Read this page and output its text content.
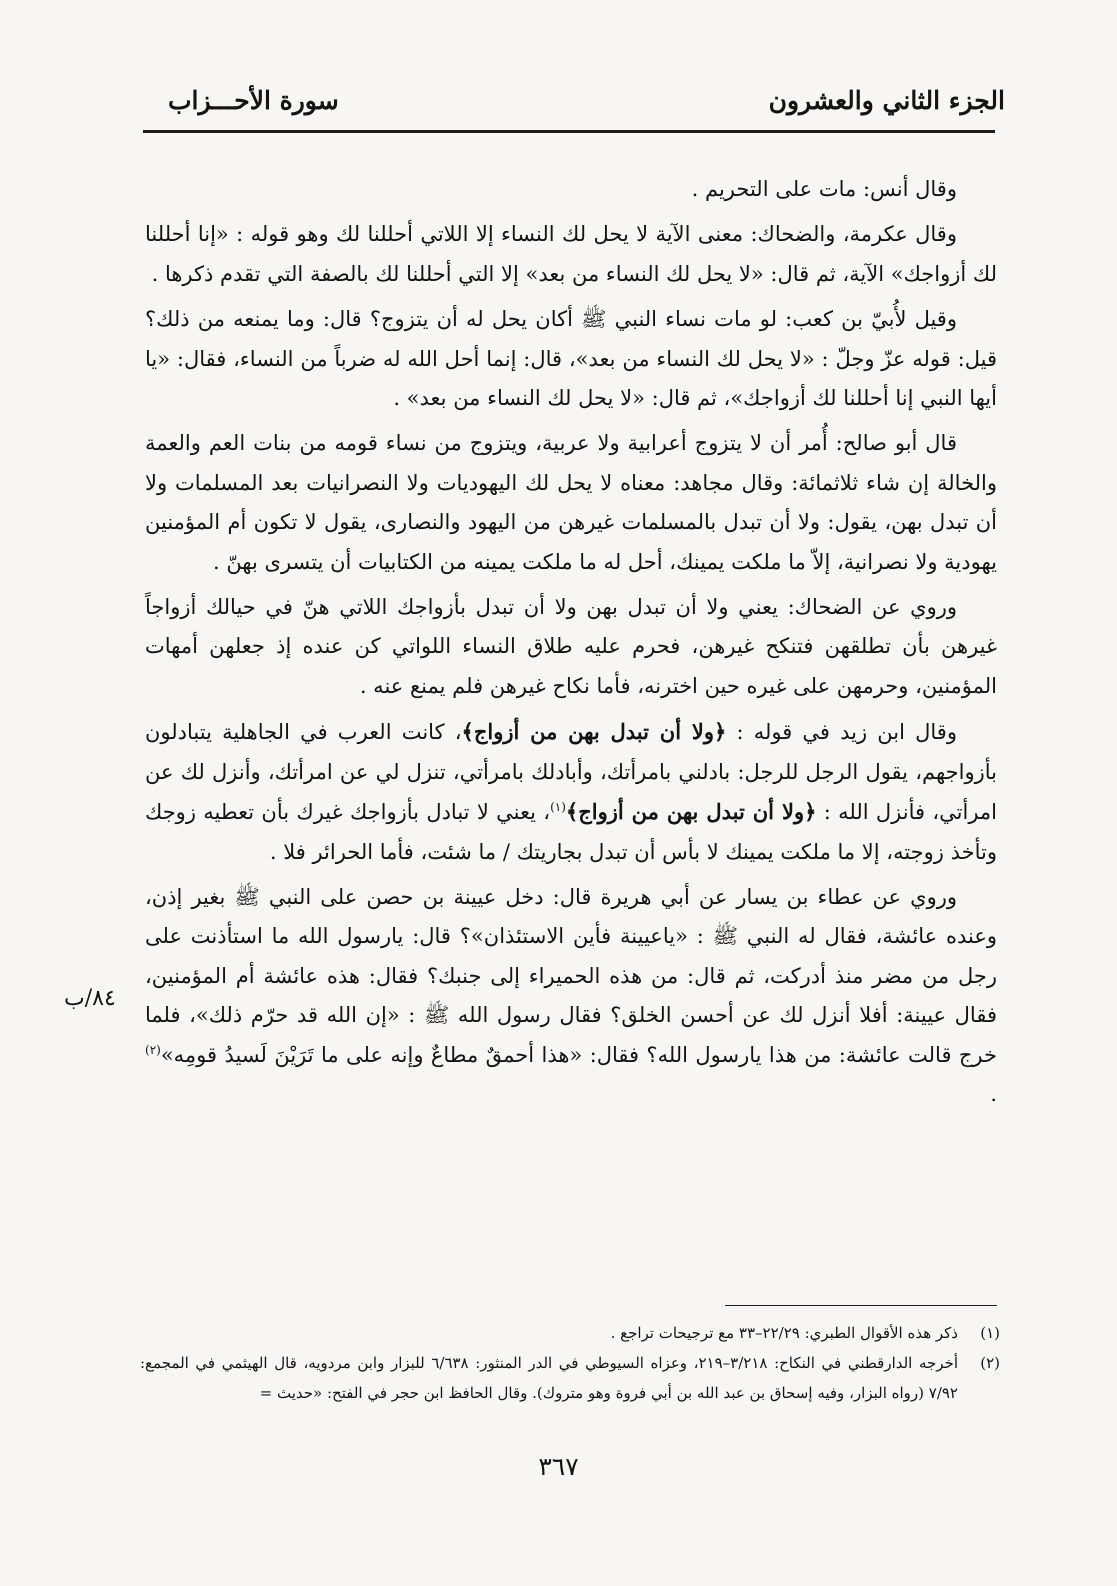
الجزء الثاني والعشرون
سورة الأحـــزاب

وقال أنس: مات على التحريم .

وقال عكرمة، والضحاك: معنى الآية لا يحل لك النساء إلا اللاتي أحللنا لك وهو قوله : «إنا أحللنا لك أزواجك» الآية، ثم قال: «لا يحل لك النساء من بعد» إلا التي أحللنا لك بالصفة التي تقدم ذكرها .

وقيل لأُبيّ بن كعب: لو مات نساء النبي ﷺ أكان يحل له أن يتزوج؟ قال: وما يمنعه من ذلك؟ قيل: قوله عزّ وجلّ : «لا يحل لك النساء من بعد»، قال: إنما أحل الله له ضرباً من النساء، فقال: «يا أيها النبي إنا أحللنا لك أزواجك»، ثم قال: «لا يحل لك النساء من بعد» .

قال أبو صالح: أُمر أن لا يتزوج أعرابية ولا عربية، ويتزوج من نساء قومه من بنات العم والعمة والخالة إن شاء ثلاثمائة: وقال مجاهد: معناه لا يحل لك اليهوديات ولا النصرانيات بعد المسلمات ولا أن تبدل بهن، يقول: ولا أن تبدل بالمسلمات غيرهن من اليهود والنصارى، يقول لا تكون أم المؤمنين يهودية ولا نصرانية، إلاّ ما ملكت يمينك، أحل له ما ملكت يمينه من الكتابيات أن يتسرى بهنّ .

وروي عن الضحاك: يعني ولا أن تبدل بهن ولا أن تبدل بأزواجك اللاتي هنّ في حيالك أزواجاً غيرهن بأن تطلقهن فتنكح غيرهن، فحرم عليه طلاق النساء اللواتي كن عنده إذ جعلهن أمهات المؤمنين، وحرمهن على غيره حين اخترنه، فأما نكاح غيرهن فلم يمنع عنه .

وقال ابن زيد في قوله : ﴿ولا أن تبدل بهن من أزواج﴾، كانت العرب في الجاهلية يتبادلون بأزواجهم، يقول الرجل للرجل: بادلني بامرأتك، وأبادلك بامرأتي، تنزل لي عن امرأتك، وأنزل لك عن امرأتي، فأنزل الله : ﴿ولا أن تبدل بهن من أزواج﴾$^{(١)}$، يعني لا تبادل بأزواجك غيرك بأن تعطيه زوجك وتأخذ زوجته، إلا ما ملكت يمينك لا بأس أن تبدل بجاريتك / ما شئت، فأما الحرائر فلا .

وروي عن عطاء بن يسار عن أبي هريرة قال: دخل عيينة بن حصن على النبي ﷺ بغير إذن، وعنده عائشة، فقال له النبي ﷺ : «ياعيينة فأين الاستئذان»؟ قال: يارسول الله ما استأذنت على رجل من مضر منذ أدركت، ثم قال: من هذه الحميراء إلى جنبك؟ فقال: هذه عائشة أم المؤمنين، فقال عيينة: أفلا أنزل لك عن أحسن الخلق؟ فقال رسول الله ﷺ : «إن الله قد حرّم ذلك»، فلما خرج قالت عائشة: من هذا يارسول الله؟ فقال: «هذا أحمقٌ مطاعٌ وإنه على ما تَرَيْنَ لَسيدُ قومِه»$^{(٢)}$ .

٨٤/ب
(١)
ذكر هذه الأقوال الطبري: ٢٢/٢٩–٣٣ مع ترجيحات تراجع .
(٢)
أخرجه الدارقطني في النكاح: ٣/٢١٨–٢١٩، وعزاه السيوطي في الدر المنثور: ٦/٦٣٨ للبزار وابن مردويه، قال الهيثمي في المجمع: ٧/٩٢ (رواه البزار، وفيه إسحاق بن عبد الله بن أبي فروة وهو متروك). وقال الحافظ ابن حجر في الفتح: «حديث =
٣٦٧
